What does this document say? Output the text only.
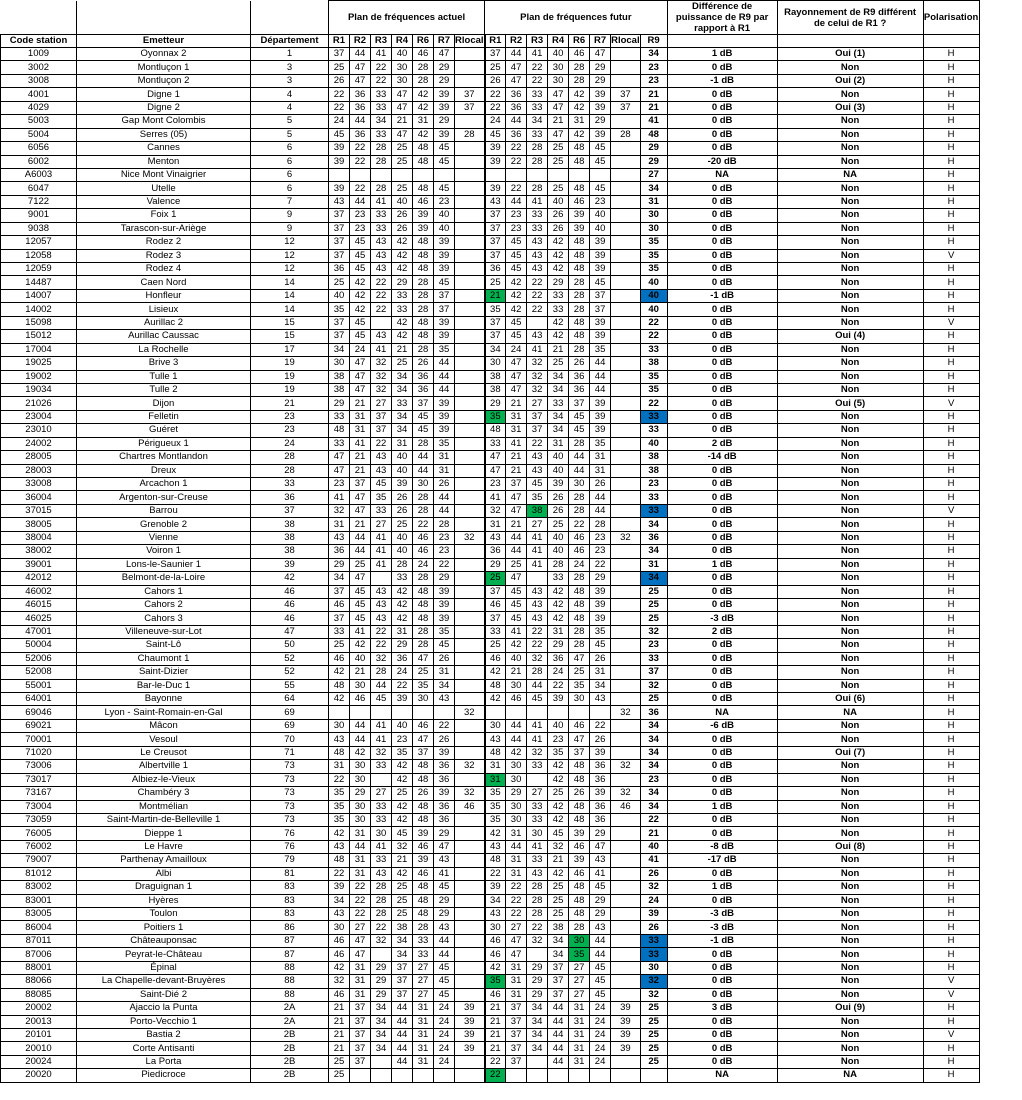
			Plan de fréquences actuel							Plan de fréquences futur								Différence de puissance de R9 par rapport à R1	Rayonnement de R9 différent de celui de R1 ?	Polarisation
Code station	Emetteur	Département	R1	R2	R3	R4	R6	R7	Rlocal	R1	R2	R3	R4	R6	R7	Rlocal	R9			
1009	Oyonnax 2	1	37	44	41	40	46	47		37	44	41	40	46	47		34	1 dB	Oui (1)	H
3002	Montluçon 1	3	25	47	22	30	28	29		25	47	22	30	28	29		23	0 dB	Non	H
3008	Montluçon 2	3	26	47	22	30	28	29		26	47	22	30	28	29		23	-1 dB	Oui (2)	H
4001	Digne 1	4	22	36	33	47	42	39	37	22	36	33	47	42	39	37	21	0 dB	Non	H
4029	Digne 2	4	22	36	33	47	42	39	37	22	36	33	47	42	39	37	21	0 dB	Oui (3)	H
5003	Gap Mont Colombis	5	24	44	34	21	31	29		24	44	34	21	31	29		41	0 dB	Non	H
5004	Serres (05)	5	45	36	33	47	42	39	28	45	36	33	47	42	39	28	48	0 dB	Non	H
6056	Cannes	6	39	22	28	25	48	45		39	22	28	25	48	45		29	0 dB	Non	H
6002	Menton	6	39	22	28	25	48	45		39	22	28	25	48	45		29	-20 dB	Non	H
A6003	Nice Mont Vinaigrier	6															27	NA	NA	H
6047	Utelle	6	39	22	28	25	48	45		39	22	28	25	48	45		34	0 dB	Non	H
7122	Valence	7	43	44	41	40	46	23		43	44	41	40	46	23		31	0 dB	Non	H
9001	Foix 1	9	37	23	33	26	39	40		37	23	33	26	39	40		30	0 dB	Non	H
9038	Tarascon-sur-Ariège	9	37	23	33	26	39	40		37	23	33	26	39	40		30	0 dB	Non	H
12057	Rodez 2	12	37	45	43	42	48	39		37	45	43	42	48	39		35	0 dB	Non	H
12058	Rodez 3	12	37	45	43	42	48	39		37	45	43	42	48	39		35	0 dB	Non	V
12059	Rodez 4	12	36	45	43	42	48	39		36	45	43	42	48	39		35	0 dB	Non	H
14487	Caen Nord	14	25	42	22	29	28	45		25	42	22	29	28	45		40	0 dB	Non	H
14007	Honfleur	14	40	42	22	33	28	37		21	42	22	33	28	37		40	-1 dB	Non	H
14002	Lisieux	14	35	42	22	33	28	37		35	42	22	33	28	37		40	0 dB	Non	H
15098	Aurillac 2	15	37	45		42	48	39		37	45		42	48	39		22	0 dB	Non	V
15012	Aurillac Caussac	15	37	45	43	42	48	39		37	45	43	42	48	39		22	0 dB	Oui (4)	H
17004	La Rochelle	17	34	24	41	21	28	35		34	24	41	21	28	35		33	0 dB	Non	H
19025	Brive 3	19	30	47	32	25	26	44		30	47	32	25	26	44		38	0 dB	Non	H
19002	Tulle 1	19	38	47	32	34	36	44		38	47	32	34	36	44		35	0 dB	Non	H
19034	Tulle 2	19	38	47	32	34	36	44		38	47	32	34	36	44		35	0 dB	Non	H
21026	Dijon	21	29	21	27	33	37	39		29	21	27	33	37	39		22	0 dB	Oui (5)	V
23004	Felletin	23	33	31	37	34	45	39		35	31	37	34	45	39		33	0 dB	Non	H
23010	Guéret	23	48	31	37	34	45	39		48	31	37	34	45	39		33	0 dB	Non	H
24002	Périgueux 1	24	33	41	22	31	28	35		33	41	22	31	28	35		40	2 dB	Non	H
28005	Chartres Montlandon	28	47	21	43	40	44	31		47	21	43	40	44	31		38	-14 dB	Non	H
28003	Dreux	28	47	21	43	40	44	31		47	21	43	40	44	31		38	0 dB	Non	H
33008	Arcachon 1	33	23	37	45	39	30	26		23	37	45	39	30	26		23	0 dB	Non	H
36004	Argenton-sur-Creuse	36	41	47	35	26	28	44		41	47	35	26	28	44		33	0 dB	Non	H
37015	Barrou	37	32	47	33	26	28	44		32	47	38	26	28	44		33	0 dB	Non	V
38005	Grenoble 2	38	31	21	27	25	22	28		31	21	27	25	22	28		34	0 dB	Non	H
38004	Vienne	38	43	44	41	40	46	23	32	43	44	41	40	46	23	32	36	0 dB	Non	H
38002	Voiron 1	38	36	44	41	40	46	23		36	44	41	40	46	23		34	0 dB	Non	H
39001	Lons-le-Saunier 1	39	29	25	41	28	24	22		29	25	41	28	24	22		31	1 dB	Non	H
42012	Belmont-de-la-Loire	42	34	47		33	28	29		25	47		33	28	29		34	0 dB	Non	H
46002	Cahors 1	46	37	45	43	42	48	39		37	45	43	42	48	39		25	0 dB	Non	H
46015	Cahors 2	46	46	45	43	42	48	39		46	45	43	42	48	39		25	0 dB	Non	H
46025	Cahors 3	46	37	45	43	42	48	39		37	45	43	42	48	39		25	-3 dB	Non	H
47001	Villeneuve-sur-Lot	47	33	41	22	31	28	35		33	41	22	31	28	35		32	2 dB	Non	H
50004	Saint-Lô	50	25	42	22	29	28	45		25	42	22	29	28	45		23	0 dB	Non	H
52006	Chaumont 1	52	46	40	32	36	47	26		46	40	32	36	47	26		33	0 dB	Non	H
52008	Saint-Dizier	52	42	21	28	24	25	31		42	21	28	24	25	31		37	0 dB	Non	H
55001	Bar-le-Duc 1	55	48	30	44	22	35	34		48	30	44	22	35	34		32	0 dB	Non	H
64001	Bayonne	64	42	46	45	39	30	43		42	46	45	39	30	43		25	0 dB	Oui (6)	H
69046	Lyon - Saint-Romain-en-Gal	69							32							32	36	NA	NA	H
69021	Mâcon	69	30	44	41	40	46	22		30	44	41	40	46	22		34	-6 dB	Non	H
70001	Vesoul	70	43	44	41	23	47	26		43	44	41	23	47	26		34	0 dB	Non	H
71020	Le Creusot	71	48	42	32	35	37	39		48	42	32	35	37	39		34	0 dB	Oui (7)	H
73006	Albertville 1	73	31	30	33	42	48	36	32	31	30	33	42	48	36	32	34	0 dB	Non	H
73017	Albiez-le-Vieux	73	22	30		42	48	36		31	30		42	48	36		23	0 dB	Non	H
73167	Chambéry 3	73	35	29	27	25	26	39	32	35	29	27	25	26	39	32	34	0 dB	Non	H
73004	Montmélian	73	35	30	33	42	48	36	46	35	30	33	42	48	36	46	34	1 dB	Non	H
73059	Saint-Martin-de-Belleville 1	73	35	30	33	42	48	36		35	30	33	42	48	36		22	0 dB	Non	H
76005	Dieppe 1	76	42	31	30	45	39	29		42	31	30	45	39	29		21	0 dB	Non	H
76002	Le Havre	76	43	44	41	32	46	47		43	44	41	32	46	47		40	-8 dB	Oui (8)	H
79007	Parthenay Amailloux	79	48	31	33	21	39	43		48	31	33	21	39	43		41	-17 dB	Non	H
81012	Albi	81	22	31	43	42	46	41		22	31	43	42	46	41		26	0 dB	Non	H
83002	Draguignan 1	83	39	22	28	25	48	45		39	22	28	25	48	45		32	1 dB	Non	H
83001	Hyères	83	34	22	28	25	48	29		34	22	28	25	48	29		24	0 dB	Non	H
83005	Toulon	83	43	22	28	25	48	29		43	22	28	25	48	29		39	-3 dB	Non	H
86004	Poitiers 1	86	30	27	22	38	28	43		30	27	22	38	28	43		26	-3 dB	Non	H
87011	Châteauponsac	87	46	47	32	34	33	44		46	47	32	34	30	44		33	-1 dB	Non	H
87006	Peyrat-le-Château	87	46	47		34	33	44		46	47		34	35	44		33	0 dB	Non	H
88001	Épinal	88	42	31	29	37	27	45		42	31	29	37	27	45		30	0 dB	Non	H
88066	La Chapelle-devant-Bruyères	88	32	31	29	37	27	45		35	31	29	37	27	45		32	0 dB	Non	V
88085	Saint-Dié 2	88	46	31	29	37	27	45		46	31	29	37	27	45		32	0 dB	Non	V
20002	Ajaccio la Punta	2A	21	37	34	44	31	24	39	21	37	34	44	31	24	39	25	3 dB	Oui (9)	H
20013	Porto-Vecchio 1	2A	21	37	34	44	31	24	39	21	37	34	44	31	24	39	25	0 dB	Non	H
20101	Bastia 2	2B	21	37	34	44	31	24	39	21	37	34	44	31	24	39	25	0 dB	Non	V
20010	Corte Antisanti	2B	21	37	34	44	31	24	39	21	37	34	44	31	24	39	25	0 dB	Non	H
20024	La Porta	2B	25	37		44	31	24		22	37		44	31	24		25	0 dB	Non	H
20020	Piedicroce	2B	25							22								NA	NA	H
